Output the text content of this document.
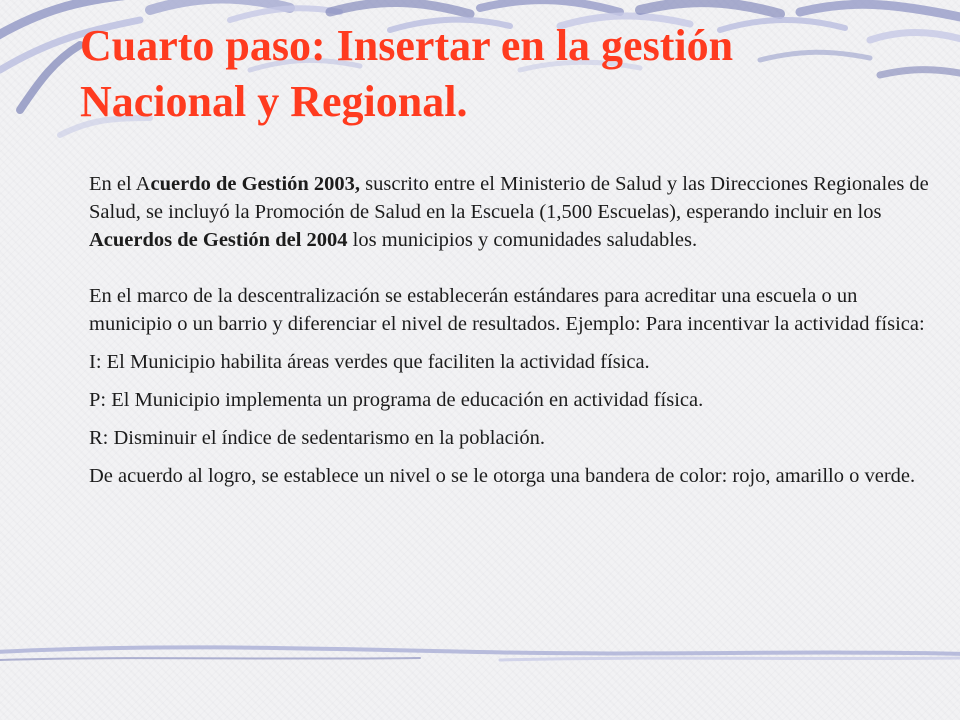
Cuarto paso: Insertar en la gestión
Nacional y Regional.

En el Acuerdo de Gestión 2003, suscrito entre el Ministerio de Salud y las Direcciones Regionales de Salud, se incluyó la Promoción de Salud en la Escuela (1,500 Escuelas), esperando incluir en los Acuerdos de Gestión del 2004 los municipios y comunidades saludables.

En el marco de la descentralización se establecerán estándares para acreditar una escuela o un municipio o un barrio y diferenciar el nivel de resultados. Ejemplo: Para incentivar la actividad física:

I: El Municipio habilita áreas verdes que faciliten la actividad física.

P: El Municipio implementa un programa de educación en actividad física.

R: Disminuir el índice de sedentarismo en la población.

De acuerdo al logro, se establece un nivel o se le otorga una bandera de color: rojo, amarillo o verde.
